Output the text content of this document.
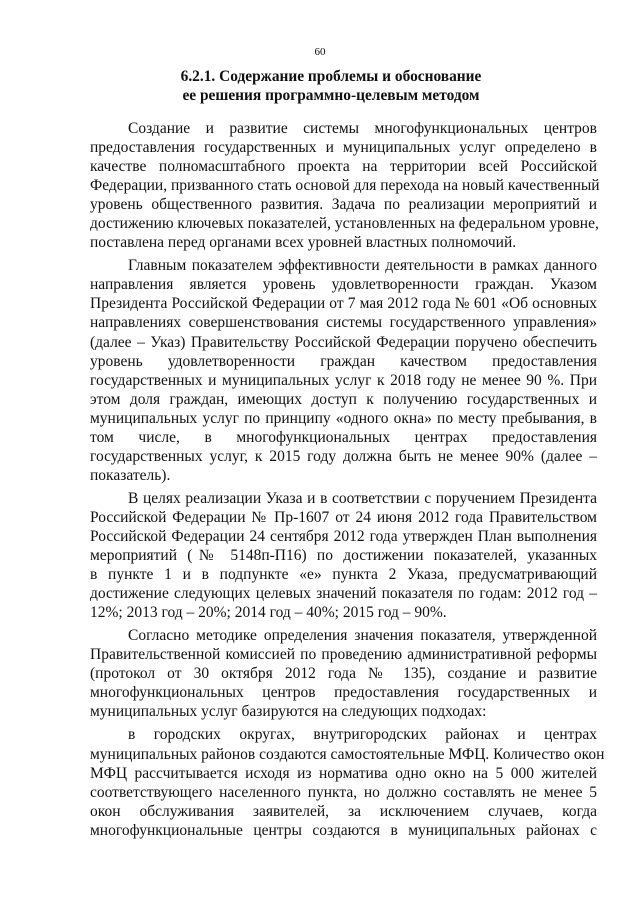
60
6.2.1. Содержание проблемы и обоснование
ее решения программно-целевым методом
Создание и развитие системы многофункциональных центров
предоставления государственных и муниципальных услуг определено в
качестве полномасштабного проекта на территории всей Российской
Федерации, призванного стать основой для перехода на новый качественный
уровень общественного развития. Задача по реализации мероприятий и
достижению ключевых показателей, установленных на федеральном уровне,
поставлена перед органами всех уровней властных полномочий.
Главным показателем эффективности деятельности в рамках данного
направления является уровень удовлетворенности граждан. Указом
Президента Российской Федерации от 7 мая 2012 года № 601 «Об основных
направлениях совершенствования системы государственного управления»
(далее – Указ) Правительству Российской Федерации поручено обеспечить
уровень удовлетворенности граждан качеством предоставления
государственных и муниципальных услуг к 2018 году не менее 90 %. При
этом доля граждан, имеющих доступ к получению государственных и
муниципальных услуг по принципу «одного окна» по месту пребывания, в
том числе, в многофункциональных центрах предоставления
государственных услуг, к 2015 году должна быть не менее 90% (далее –
показатель).
В целях реализации Указа и в соответствии с поручением Президента
Российской Федерации № Пр-1607 от 24 июня 2012 года Правительством
Российской Федерации 24 сентября 2012 года утвержден План выполнения
мероприятий (№ 5148п-П16) по достижении показателей, указанных
в пункте 1 и в подпункте «е» пункта 2 Указа, предусматривающий
достижение следующих целевых значений показателя по годам: 2012 год –
12%; 2013 год – 20%; 2014 год – 40%; 2015 год – 90%.
Согласно методике определения значения показателя, утвержденной
Правительственной комиссией по проведению административной реформы
(протокол от 30 октября 2012 года № 135), создание и развитие
многофункциональных центров предоставления государственных и
муниципальных услуг базируются на следующих подходах:
в городских округах, внутригородских районах и центрах
муниципальных районов создаются самостоятельные МФЦ. Количество окон
МФЦ рассчитывается исходя из норматива одно окно на 5 000 жителей
соответствующего населенного пункта, но должно составлять не менее 5
окон обслуживания заявителей, за исключением случаев, когда
многофункциональные центры создаются в муниципальных районах с
